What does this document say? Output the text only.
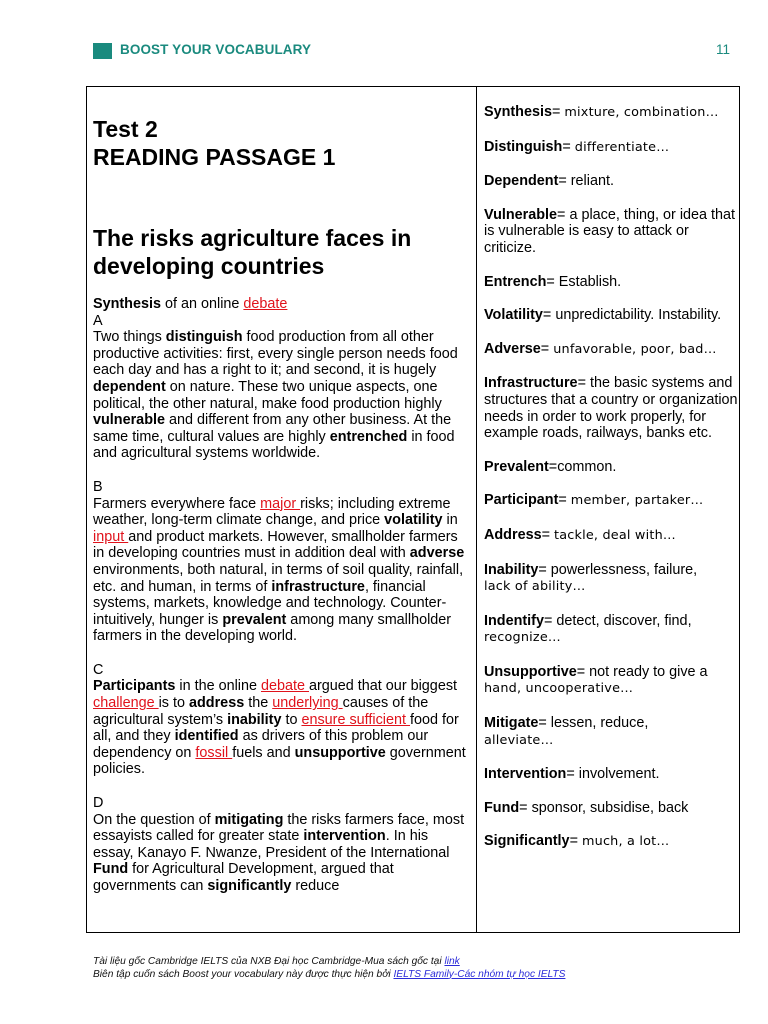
BOOST YOUR VOCABULARY	11
Test 2
READING PASSAGE 1
The risks agriculture faces in developing countries

Synthesis of an online debate

A
Two things distinguish food production from all other productive activities: first, every single person needs food each day and has a right to it; and second, it is hugely dependent on nature. These two unique aspects, one political, the other natural, make food production highly vulnerable and different from any other business. At the same time, cultural values are highly entrenched in food and agricultural systems worldwide.

B
Farmers everywhere face major risks; including extreme weather, long-term climate change, and price volatility in input and product markets. However, smallholder farmers in developing countries must in addition deal with adverse environments, both natural, in terms of soil quality, rainfall, etc. and human, in terms of infrastructure, financial systems, markets, knowledge and technology. Counter-intuitively, hunger is prevalent among many smallholder farmers in the developing world.

C
Participants in the online debate argued that our biggest challenge is to address the underlying causes of the agricultural system’s inability to ensure sufficient food for all, and they identified as drivers of this problem our dependency on fossil fuels and unsupportive government policies.

D
On the question of mitigating the risks farmers face, most essayists called for greater state intervention. In his essay, Kanayo F. Nwanze, President of the International Fund for Agricultural Development, argued that governments can significantly reduce

Synthesis= mixture, combination…

Distinguish= differentiate…

Dependent= reliant.

Vulnerable= a place, thing, or idea that is vulnerable is easy to attack or criticize.

Entrench= Establish.

Volatility= unpredictability. Instability.

Adverse= unfavorable, poor, bad…

Infrastructure= the basic systems and structures that a country or organization needs in order to work properly, for example roads, railways, banks etc.

Prevalent=common.

Participant= member, partaker…

Address= tackle, deal with…

Inability= powerlessness, failure,
lack of ability…

Indentify= detect, discover, find,
recognize…

Unsupportive= not ready to give a
hand, uncooperative…

Mitigate= lessen, reduce,
alleviate…

Intervention= involvement.

Fund= sponsor, subsidise, back

Significantly= much, a lot…

Tài liệu gốc Cambridge IELTS của NXB Đại học Cambridge-Mua sách gốc tại link
Biên tập cuốn sách Boost your vocabulary này được thực hiện bởi IELTS Family-Các nhóm tự học IELTS
